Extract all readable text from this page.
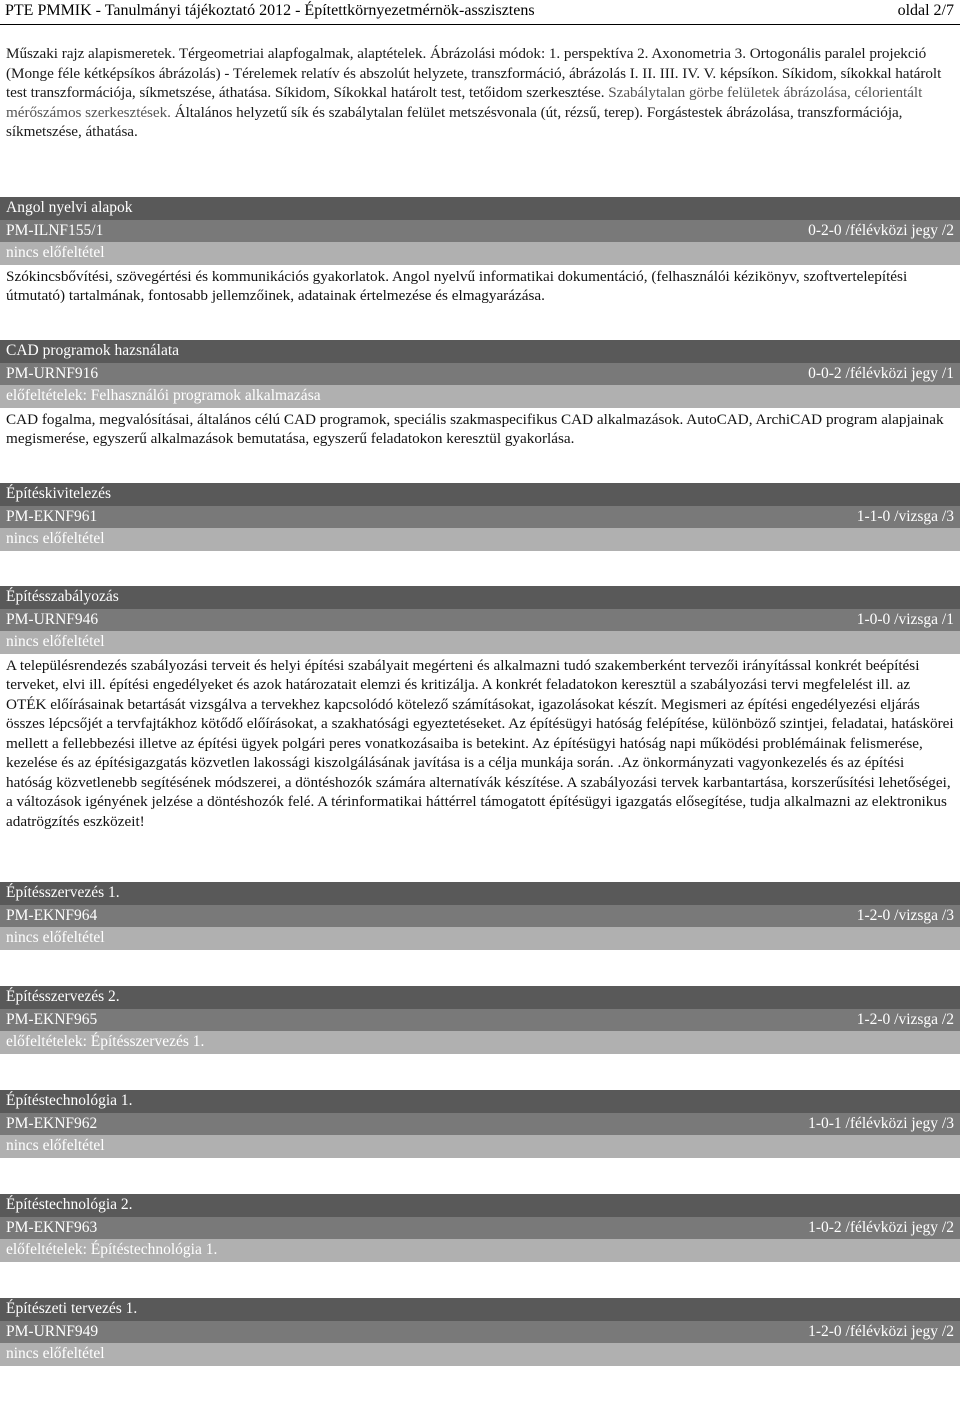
PTE PMMIK - Tanulmányi tájékoztató 2012 - Építettkörnyezetmérnök-asszisztens	oldal 2/7
Műszaki rajz alapismeretek. Térgeometriai alapfogalmak, alaptételek. Ábrázolási módok: 1. perspektíva 2. Axonometria 3. Ortogonális paralel projekció (Monge féle kétképsíkos ábrázolás) - Térelemek relatív és abszolút helyzete, transzformáció, ábrázolás I. II. III. IV. V. képsíkon. Síkidom, síkokkal határolt test transzformációja, síkmetszése, áthatása. Síkidom, Síkokkal határolt test, tetőidom szerkesztése. Szabálytalan görbe felületek ábrázolása, célorientált mérőszámos szerkesztések. Általános helyzetű sík és szabálytalan felület metszésvonala (út, rézsű, terep). Forgástestek ábrázolása, transzformációja, síkmetszése, áthatása.
Angol nyelvi alapok
PM-ILNF155/1	0-2-0 /félévközi jegy /2
nincs előfeltétel
Szókincsbővítési, szövegértési és kommunikációs gyakorlatok. Angol nyelvű informatikai dokumentáció, (felhasználói kézikönyv, szoftvertelepítési útmutató) tartalmának, fontosabb jellemzőinek, adatainak értelmezése és elmagyarázása.
CAD programok hazsnálata
PM-URNF916	0-0-2 /félévközi jegy /1
előfeltételek: Felhasználói programok alkalmazása
CAD fogalma, megvalósításai, általános célú CAD programok, speciális szakmaspecifikus CAD alkalmazások. AutoCAD, ArchiCAD program alapjainak megismerése, egyszerű alkalmazások bemutatása, egyszerű feladatokon keresztül gyakorlása.
Építéskivitelezés
PM-EKNF961	1-1-0 /vizsga /3
nincs előfeltétel
Építésszabályozás
PM-URNF946	1-0-0 /vizsga /1
nincs előfeltétel
A településrendezés szabályozási terveit és helyi építési szabályait megérteni és alkalmazni tudó szakemberként tervezői irányítással konkrét beépítési terveket, elvi ill. építési engedélyeket és azok határozatait elemzi és kritizálja. A konkrét feladatokon keresztül a szabályozási tervi megfelelést ill. az OTÉK előírásainak betartását vizsgálva a tervekhez kapcsolódó kötelező számításokat, igazolásokat készít. Megismeri az építési engedélyezési eljárás összes lépcsőjét a tervfajtákhoz kötődő előírásokat, a szakhatóságі egyeztetéseket. Az építésügyi hatóság felépítése, különböző szintjei, feladatai, hatáskörei mellett a fellebbezési illetve az építési ügyek polgári peres vonatkozásaiba is betekint. Az építésügyi hatóság napi működési problémáinak felismerése, kezelése és az építésigazgatás közvetlen lakossági kiszolgálásának javítása is a célja munkája során. .Az önkormányzati vagyonkezelés és az építési hatóság közvetlenebb segítésének módszerei, a döntéshozók számára alternatívák készítése. A szabályozási tervek karbantartása, korszerűsítési lehetőségei, a változások igényének jelzése a döntéshozók felé. A térinformatikai háttérrel támogatott építésügyi igazgatás elősegítése, tudja alkalmazni az elektronikus adatrögzítés eszközeit!
Építésszervezés 1.
PM-EKNF964	1-2-0 /vizsga /3
nincs előfeltétel
Építésszervezés 2.
PM-EKNF965	1-2-0 /vizsga /2
előfeltételek: Építésszervezés 1.
Építéstechnológia 1.
PM-EKNF962	1-0-1 /félévközi jegy /3
nincs előfeltétel
Építéstechnológia 2.
PM-EKNF963	1-0-2 /félévközi jegy /2
előfeltételek: Építéstechnológia 1.
Építészeti tervezés 1.
PM-URNF949	1-2-0 /félévközi jegy /2
nincs előfeltétel
